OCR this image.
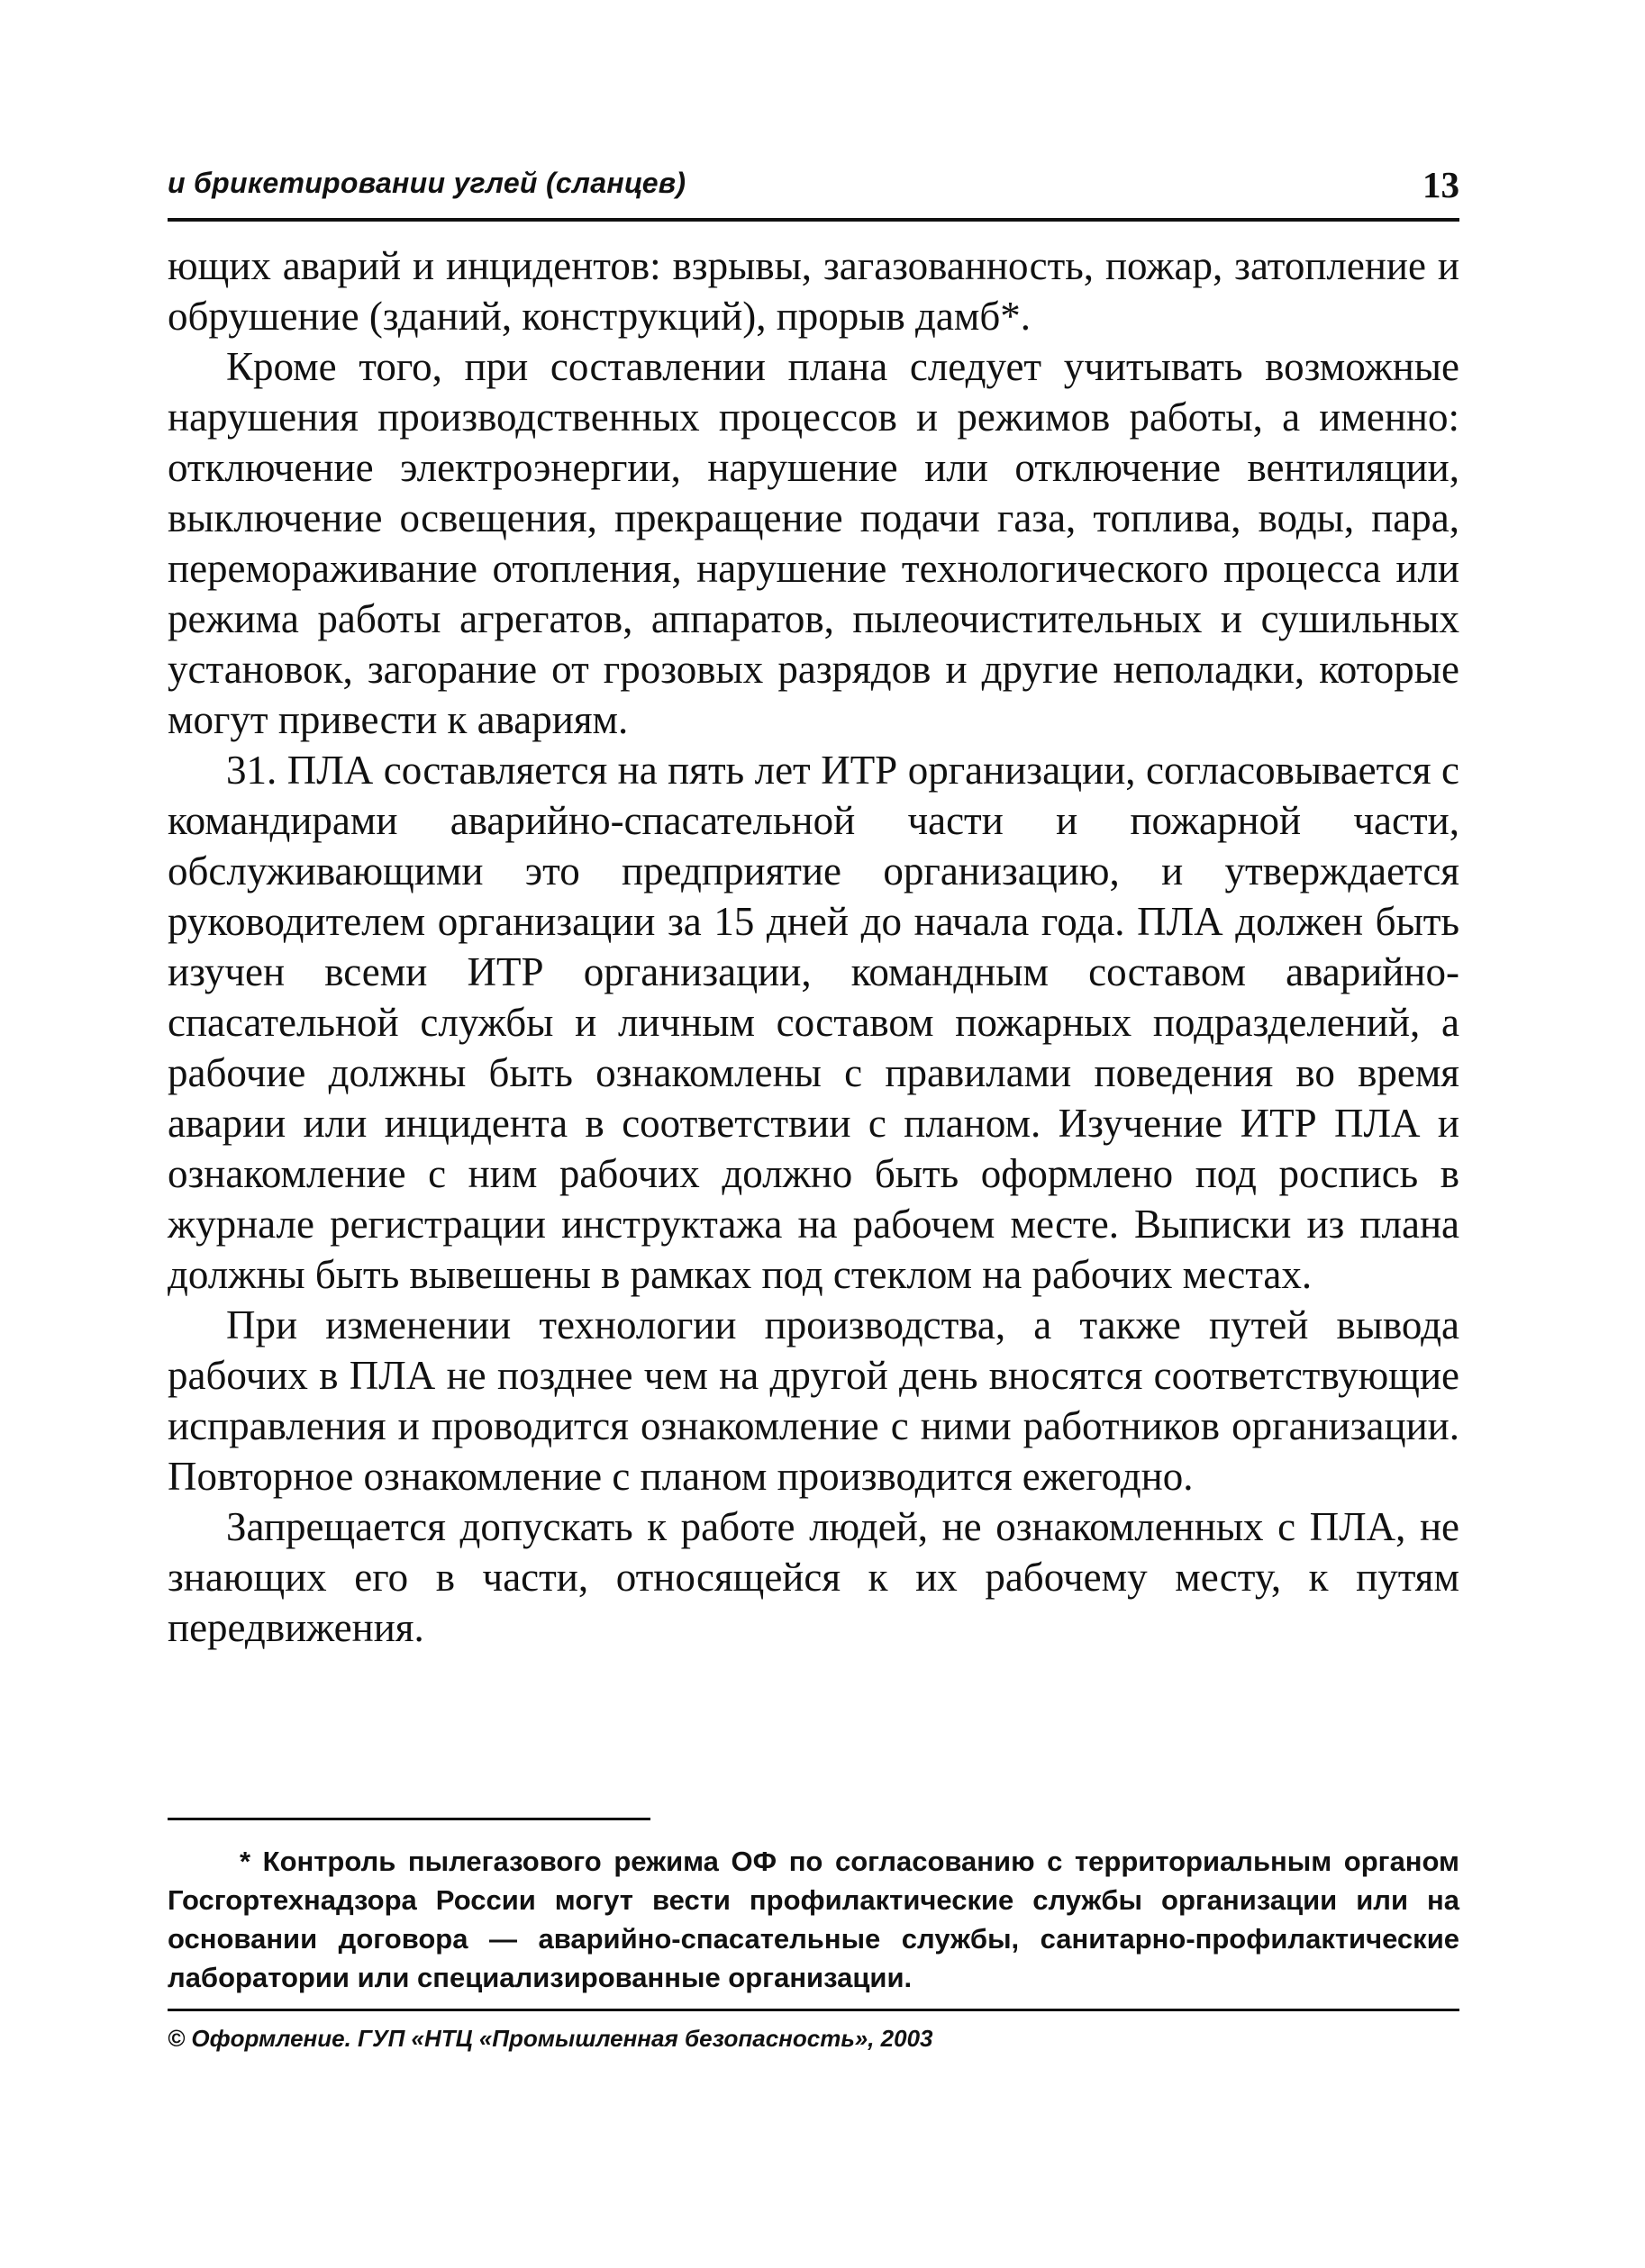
и брикетировании углей (сланцев)	13

ющих аварий и инцидентов: взрывы, загазованность, пожар, затопление и обрушение (зданий, конструкций), прорыв дамб*.

Кроме того, при составлении плана следует учитывать возможные нарушения производственных процессов и режимов работы, а именно: отключение электроэнергии, нарушение или отключение вентиляции, выключение освещения, прекращение подачи газа, топлива, воды, пара, перемораживание отопления, нарушение технологического процесса или режима работы агрегатов, аппаратов, пылеочистительных и сушильных установок, загорание от грозовых разрядов и другие неполадки, которые могут привести к авариям.

31. ПЛА составляется на пять лет ИТР организации, согласовывается с командирами аварийно-спасательной части и пожарной части, обслуживающими это предприятие организацию, и утверждается руководителем организации за 15 дней до начала года. ПЛА должен быть изучен всеми ИТР организации, командным составом аварийно-спасательной службы и личным составом пожарных подразделений, а рабочие должны быть ознакомлены с правилами поведения во время аварии или инцидента в соответствии с планом. Изучение ИТР ПЛА и ознакомление с ним рабочих должно быть оформлено под роспись в журнале регистрации инструктажа на рабочем месте. Выписки из плана должны быть вывешены в рамках под стеклом на рабочих местах.

При изменении технологии производства, а также путей вывода рабочих в ПЛА не позднее чем на другой день вносятся соответствующие исправления и проводится ознакомление с ними работников организации. Повторное ознакомление с планом производится ежегодно.

Запрещается допускать к работе людей, не ознакомленных с ПЛА, не знающих его в части, относящейся к их рабочему месту, к путям передвижения.

* Контроль пылегазового режима ОФ по согласованию с территориальным органом Госгортехнадзора России могут вести профилактические службы организации или на основании договора — аварийно-спасательные службы, санитарно-профилактические лаборатории или специализированные организации.
© Оформление. ГУП «НТЦ «Промышленная безопасность», 2003
